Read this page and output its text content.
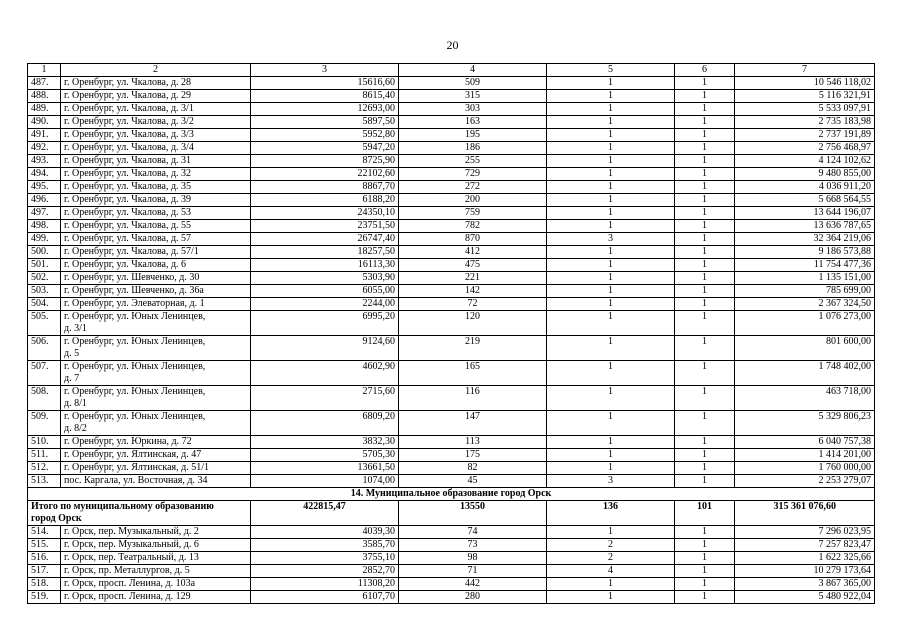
20
1	2	3	4	5	6	7
487.	г. Оренбург, ул. Чкалова, д. 28	15616,60	509	1	1	10 546 118,02
488.	г. Оренбург, ул. Чкалова, д. 29	8615,40	315	1	1	5 116 321,91
489.	г. Оренбург, ул. Чкалова, д. 3/1	12693,00	303	1	1	5 533 097,91
490.	г. Оренбург, ул. Чкалова, д. 3/2	5897,50	163	1	1	2 735 183,98
491.	г. Оренбург, ул. Чкалова, д. 3/3	5952,80	195	1	1	2 737 191,89
492.	г. Оренбург, ул. Чкалова, д. 3/4	5947,20	186	1	1	2 756 468,97
493.	г. Оренбург, ул. Чкалова, д. 31	8725,90	255	1	1	4 124 102,62
494.	г. Оренбург, ул. Чкалова, д. 32	22102,60	729	1	1	9 480 855,00
495.	г. Оренбург, ул. Чкалова, д. 35	8867,70	272	1	1	4 036 911,20
496.	г. Оренбург, ул. Чкалова, д. 39	6188,20	200	1	1	5 668 564,55
497.	г. Оренбург, ул. Чкалова, д. 53	24350,10	759	1	1	13 644 196,07
498.	г. Оренбург, ул. Чкалова, д. 55	23751,50	782	1	1	13 636 787,65
499.	г. Оренбург, ул. Чкалова, д. 57	26747,40	870	3	1	32 364 219,06
500.	г. Оренбург, ул. Чкалова, д. 57/1	18257,50	412	1	1	9 186 573,88
501.	г. Оренбург, ул. Чкалова, д. 6	16113,30	475	1	1	11 754 477,36
502.	г. Оренбург, ул. Шевченко, д. 30	5303,90	221	1	1	1 135 151,00
503.	г. Оренбург, ул. Шевченко, д. 36а	6055,00	142	1	1	785 699,00
504.	г. Оренбург, ул. Элеваторная, д. 1	2244,00	72	1	1	2 367 324,50
505.	г. Оренбург, ул. Юных Ленинцев,
д. 3/1	6995,20	120	1	1	1 076 273,00
506.	г. Оренбург, ул. Юных Ленинцев,
д. 5	9124,60	219	1	1	801 600,00
507.	г. Оренбург, ул. Юных Ленинцев,
д. 7	4602,90	165	1	1	1 748 402,00
508.	г. Оренбург, ул. Юных Ленинцев,
д. 8/1	2715,60	116	1	1	463 718,00
509.	г. Оренбург, ул. Юных Ленинцев,
д. 8/2	6809,20	147	1	1	5 329 806,23
510.	г. Оренбург, ул. Юркина, д. 72	3832,30	113	1	1	6 040 757,38
511.	г. Оренбург, ул. Ялтинская, д. 47	5705,30	175	1	1	1 414 201,00
512.	г. Оренбург, ул. Ялтинская, д. 51/1	13661,50	82	1	1	1 760 000,00
513.	пос. Каргала, ул. Восточная, д. 34	1074,00	45	3	1	2 253 279,07
14. Муниципальное образование город Орск						

Итого по муниципальному образованию
город Орск		422815,47	13550	136	101	315 361 076,60
514.	г. Орск, пер. Музыкальный, д. 2	4039,30	74	1	1	7 296 023,95
515.	г. Орск, пер. Музыкальный, д. 6	3585,70	73	2	1	7 257 823,47
516.	г. Орск, пер. Театральный, д. 13	3755,10	98	2	1	1 622 325,66
517.	г. Орск, пр. Металлургов, д. 5	2852,70	71	4	1	10 279 173,64
518.	г. Орск, просп. Ленина, д. 103а	11308,20	442	1	1	3 867 365,00
519.	г. Орск, просп. Ленина, д. 129	6107,70	280	1	1	5 480 922,04
